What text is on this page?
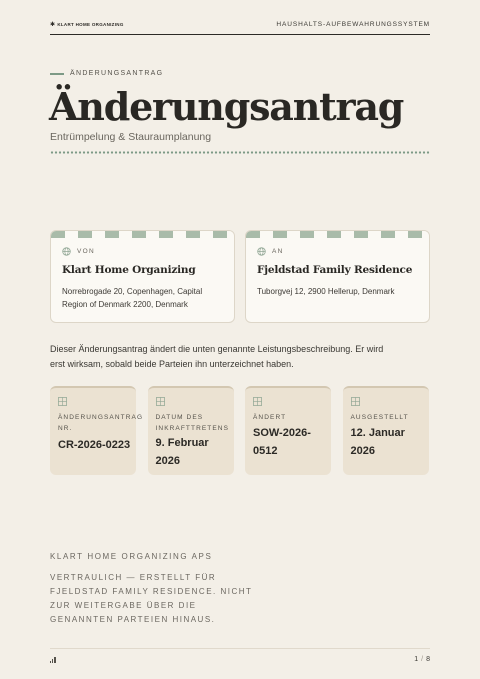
✱ KLART HOME ORGANIZING	HAUSHALTS-AUFBEWAHRUNGSSYSTEM
ÄNDERUNGSANTRAG
Änderungsantrag
Entrümpelung & Stauraumplanung
VON
Klart Home Organizing
Norrebrogade 20, Copenhagen, Capital Region of Denmark 2200, Denmark
AN
Fjeldstad Family Residence
Tuborgvej 12, 2900 Hellerup, Denmark
Dieser Änderungsantrag ändert die unten genannte Leistungsbeschreibung. Er wird erst wirksam, sobald beide Parteien ihn unterzeichnet haben.
ÄNDERUNGSANTRAG NR.
CR-2026-0223
DATUM DES INKRAFTTRETENS
9. Februar 2026
ÄNDERT
SOW-2026-0512
AUSGESTELLT
12. Januar 2026
KLART HOME ORGANIZING APS
VERTRAULICH — ERSTELLT FÜR FJELDSTAD FAMILY RESIDENCE. NICHT ZUR WEITERGABE ÜBER DIE GENANNTEN PARTEIEN HINAUS.
1 / 8
